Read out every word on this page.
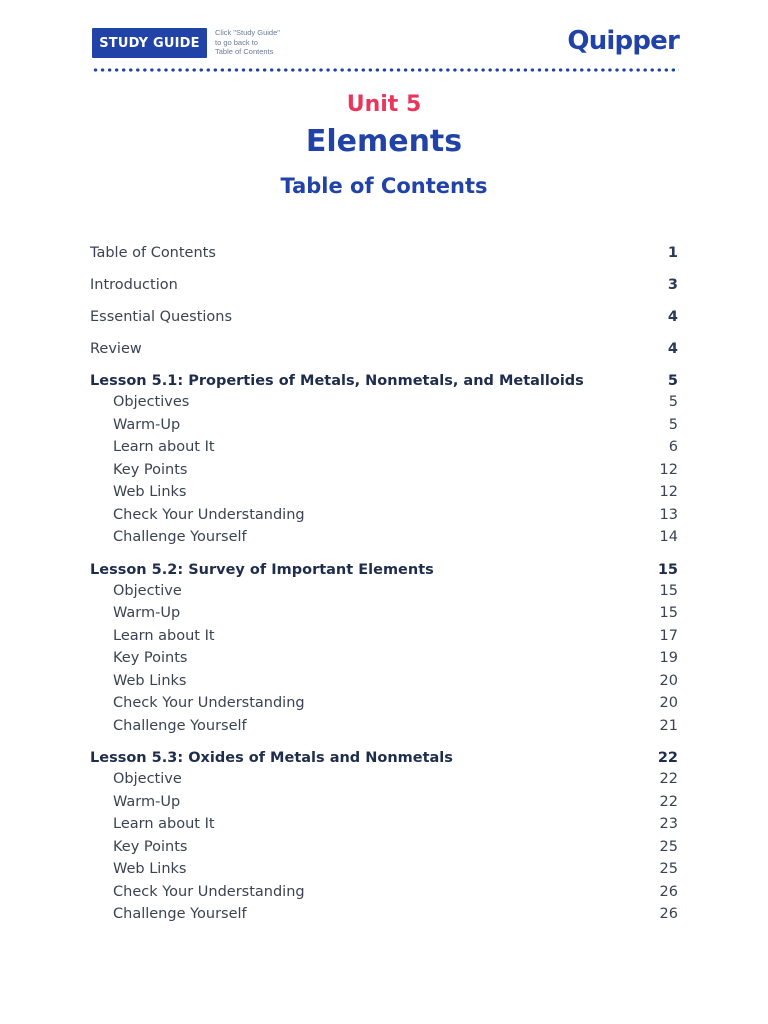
STUDY GUIDE
Click "Study Guide"
to go back to
Table of Contents	Quipper
Unit 5
Elements
Table of Contents
Table of Contents	1
Introduction	3
Essential Questions	4
Review	4
Lesson 5.1: Properties of Metals, Nonmetals, and Metalloids	5
Objectives	5
Warm-Up	5
Learn about It	6
Key Points	12
Web Links	12
Check Your Understanding	13
Challenge Yourself	14
Lesson 5.2: Survey of Important Elements	15
Objective	15
Warm-Up	15
Learn about It	17
Key Points	19
Web Links	20
Check Your Understanding	20
Challenge Yourself	21
Lesson 5.3: Oxides of Metals and Nonmetals	22
Objective	22
Warm-Up	22
Learn about It	23
Key Points	25
Web Links	25
Check Your Understanding	26
Challenge Yourself	26
